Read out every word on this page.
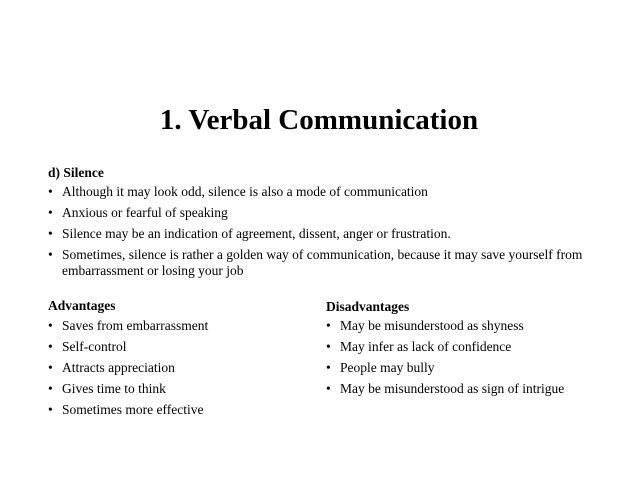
1. Verbal Communication
d) Silence
• Although it may look odd, silence is also a mode of communication
• Anxious or fearful of speaking
• Silence may be an indication of agreement, dissent, anger or frustration.
• Sometimes, silence is rather a golden way of communication, because it may save yourself from embarrassment or losing your job
Advantages
• Saves from embarrassment
• Self-control
• Attracts appreciation
• Gives time to think
• Sometimes more effective
Disadvantages
• May be misunderstood as shyness
• May infer as lack of confidence
• People may bully
• May be misunderstood as sign of intrigue
